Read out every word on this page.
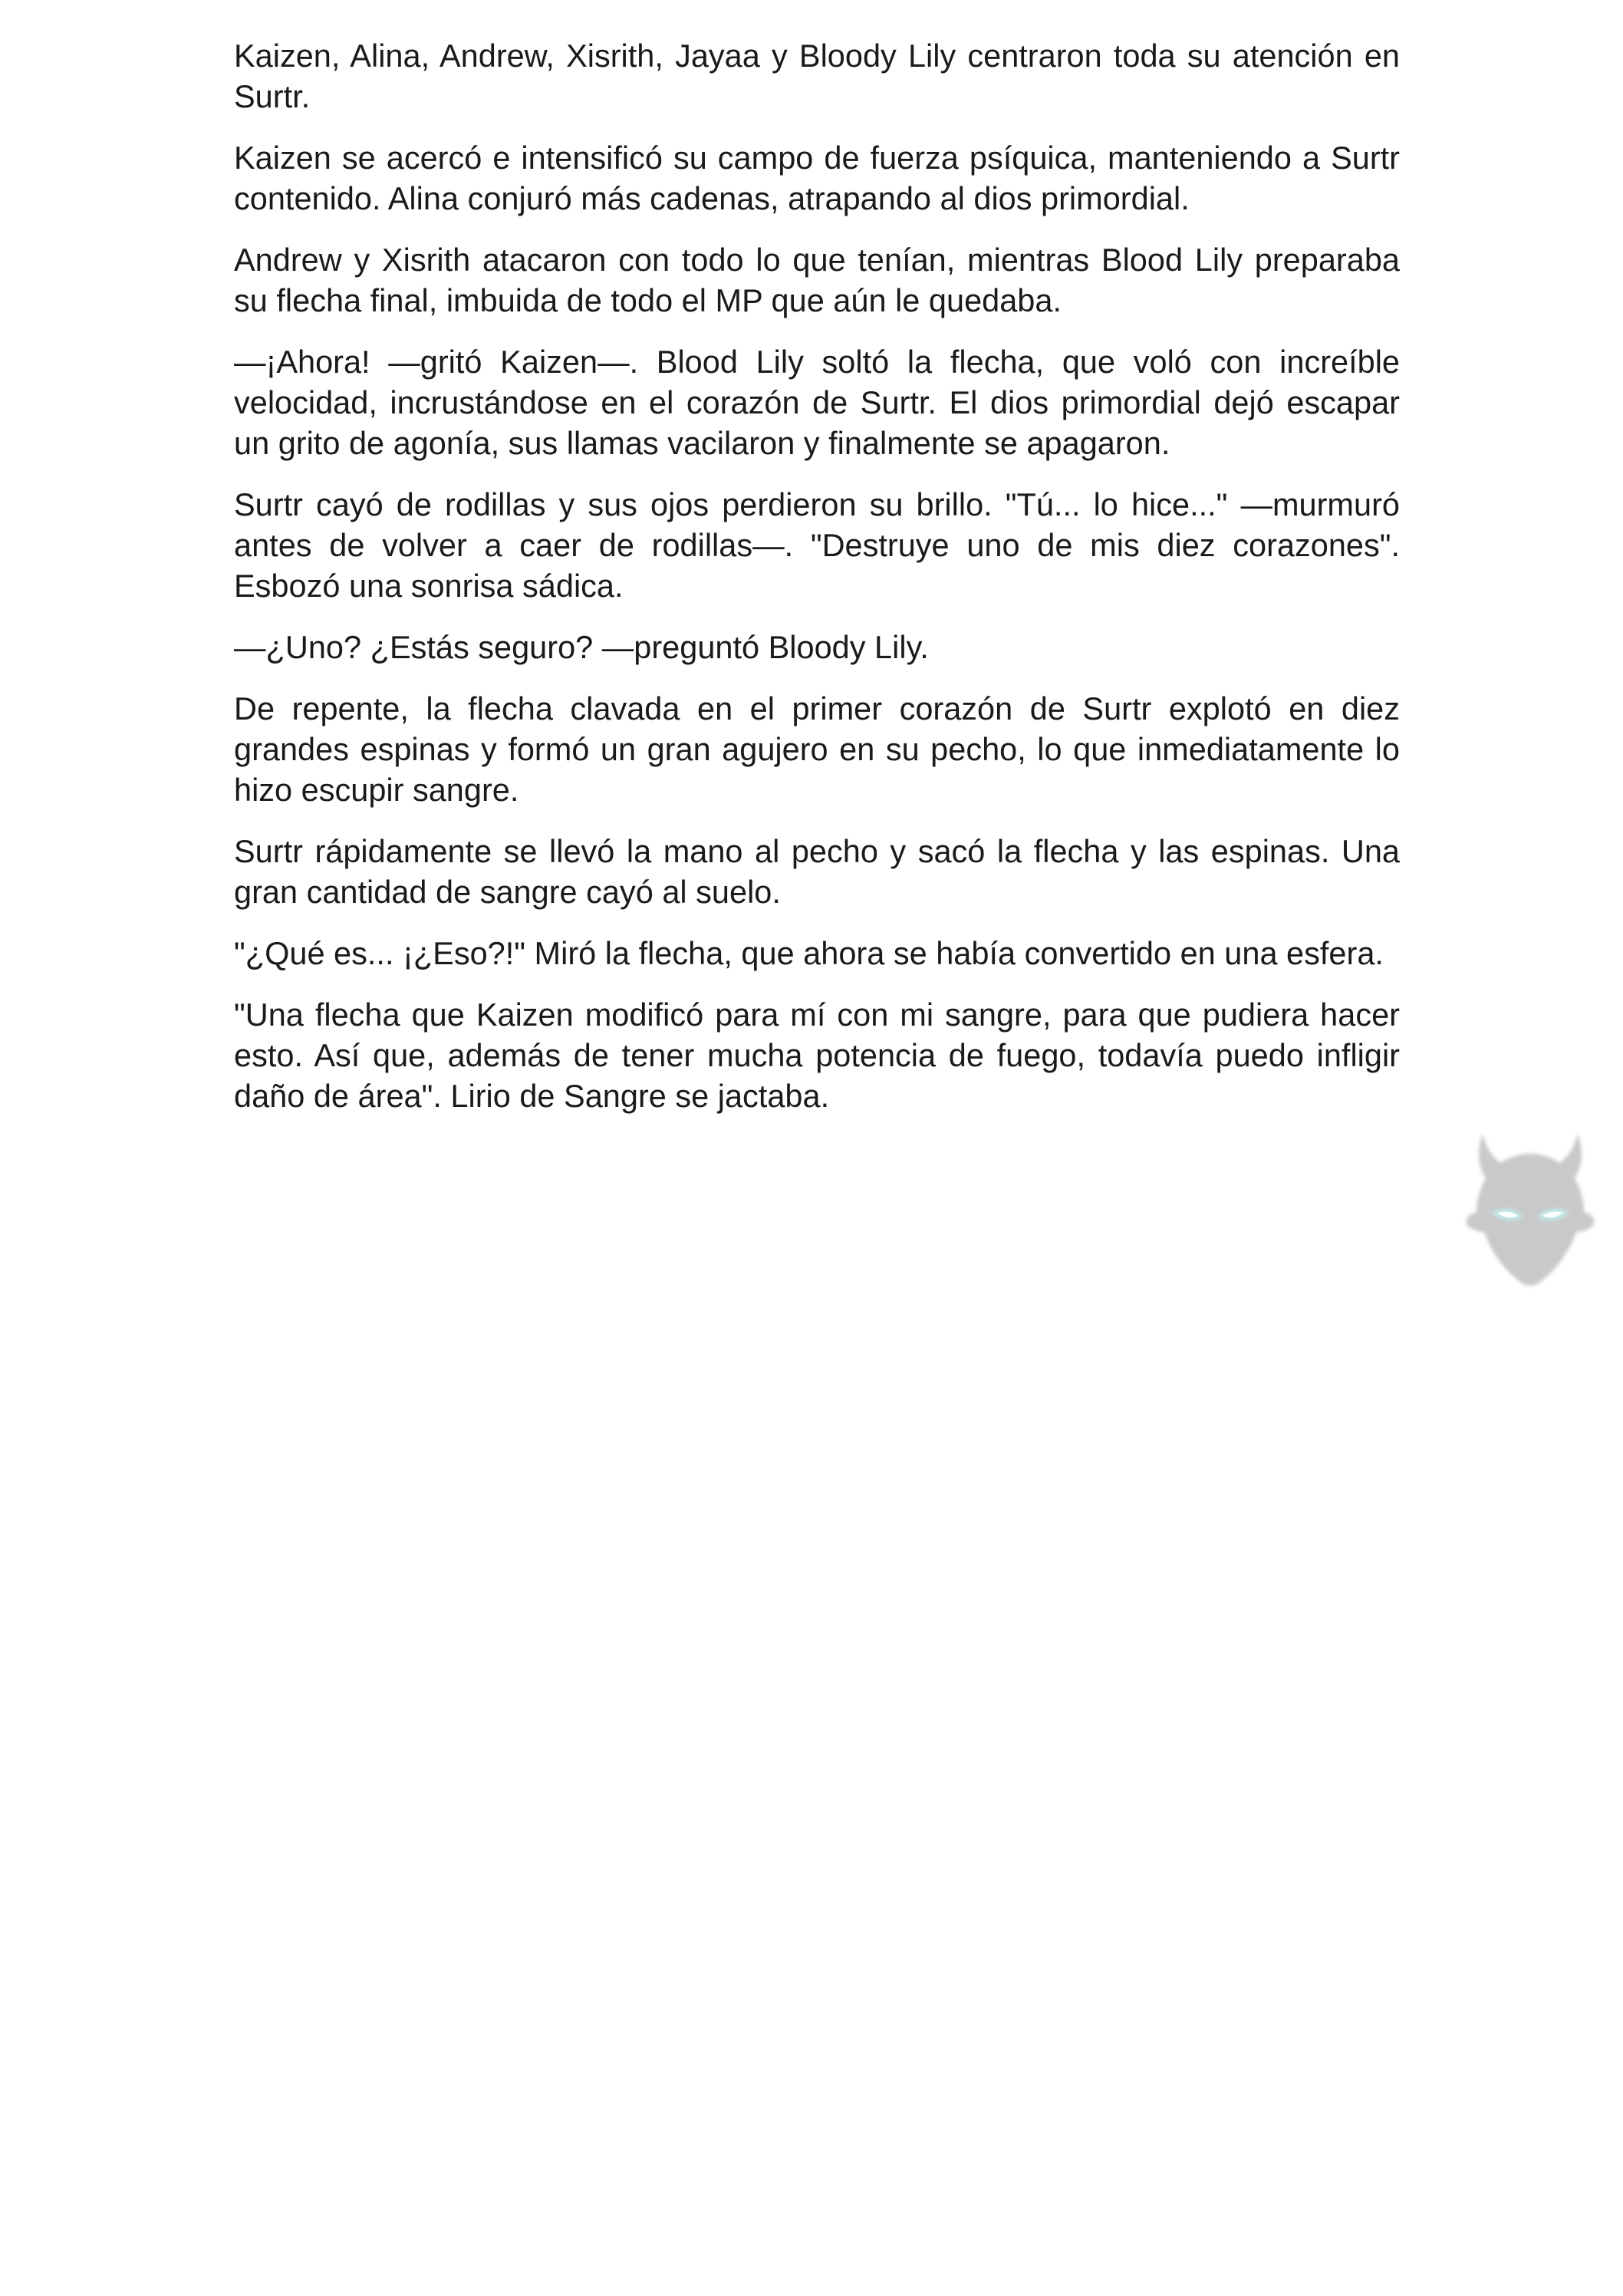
Kaizen, Alina, Andrew, Xisrith, Jayaa y Bloody Lily centraron toda su atención en Surtr.

Kaizen se acercó e intensificó su campo de fuerza psíquica, manteniendo a Surtr contenido. Alina conjuró más cadenas, atrapando al dios primordial.

Andrew y Xisrith atacaron con todo lo que tenían, mientras Blood Lily preparaba su flecha final, imbuida de todo el MP que aún le quedaba.

—¡Ahora! —gritó Kaizen—. Blood Lily soltó la flecha, que voló con increíble velocidad, incrustándose en el corazón de Surtr. El dios primordial dejó escapar un grito de agonía, sus llamas vacilaron y finalmente se apagaron.

Surtr cayó de rodillas y sus ojos perdieron su brillo. "Tú... lo hice..." —murmuró antes de volver a caer de rodillas—. "Destruye uno de mis diez corazones". Esbozó una sonrisa sádica.

—¿Uno? ¿Estás seguro? —preguntó Bloody Lily.

De repente, la flecha clavada en el primer corazón de Surtr explotó en diez grandes espinas y formó un gran agujero en su pecho, lo que inmediatamente lo hizo escupir sangre.

Surtr rápidamente se llevó la mano al pecho y sacó la flecha y las espinas. Una gran cantidad de sangre cayó al suelo.

"¿Qué es... ¡¿Eso?!" Miró la flecha, que ahora se había convertido en una esfera.

"Una flecha que Kaizen modificó para mí con mi sangre, para que pudiera hacer esto. Así que, además de tener mucha potencia de fuego, todavía puedo infligir daño de área". Lirio de Sangre se jactaba.
